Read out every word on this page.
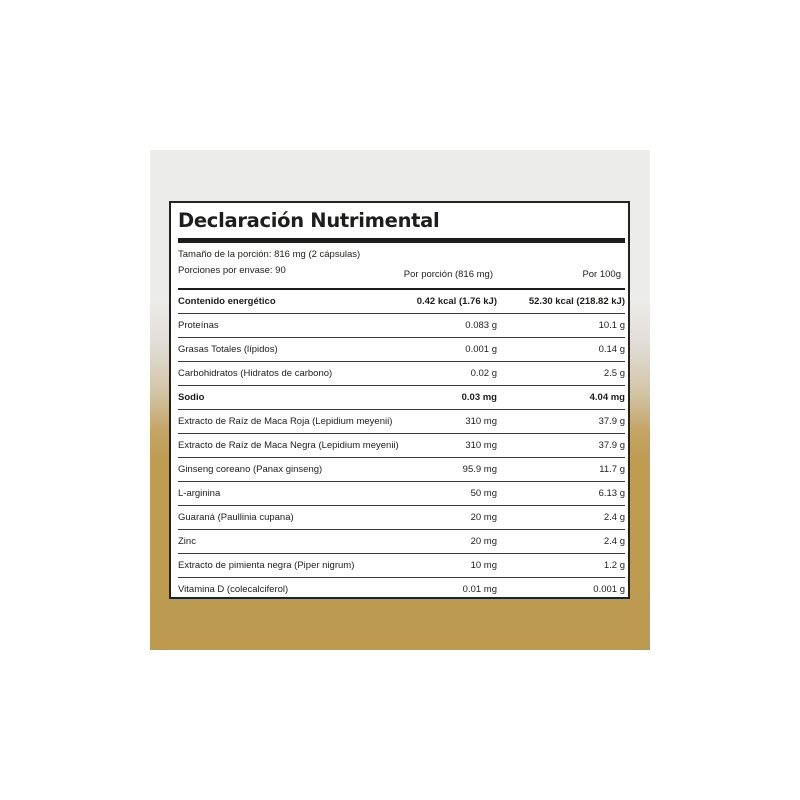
Declaración Nutrimental
Tamaño de la porción: 816 mg (2 cápsulas)
Porciones por envase: 90	Por porción (816 mg)	Por 100g
Contenido energético	0.42 kcal (1.76 kJ)	52.30 kcal (218.82 kJ)
Proteínas	0.083 g	10.1 g
Grasas Totales (lípidos)	0.001 g	0.14 g
Carbohidratos (Hidratos de carbono)	0.02 g	2.5 g
Sodio	0.03 mg	4.04 mg
Extracto de Raíz de Maca Roja (Lepidium meyenii)	310 mg	37.9 g
Extracto de Raíz de Maca Negra (Lepidium meyenii)	310 mg	37.9 g
Ginseng coreano (Panax ginseng)	95.9 mg	11.7 g
L-arginina	50 mg	6.13 g
Guaraná (Paullinia cupana)	20 mg	2.4 g
Zinc	20 mg	2.4 g
Extracto de pimienta negra (Piper nigrum)	10 mg	1.2 g
Vitamina D (colecalciferol)	0.01 mg	0.001 g
